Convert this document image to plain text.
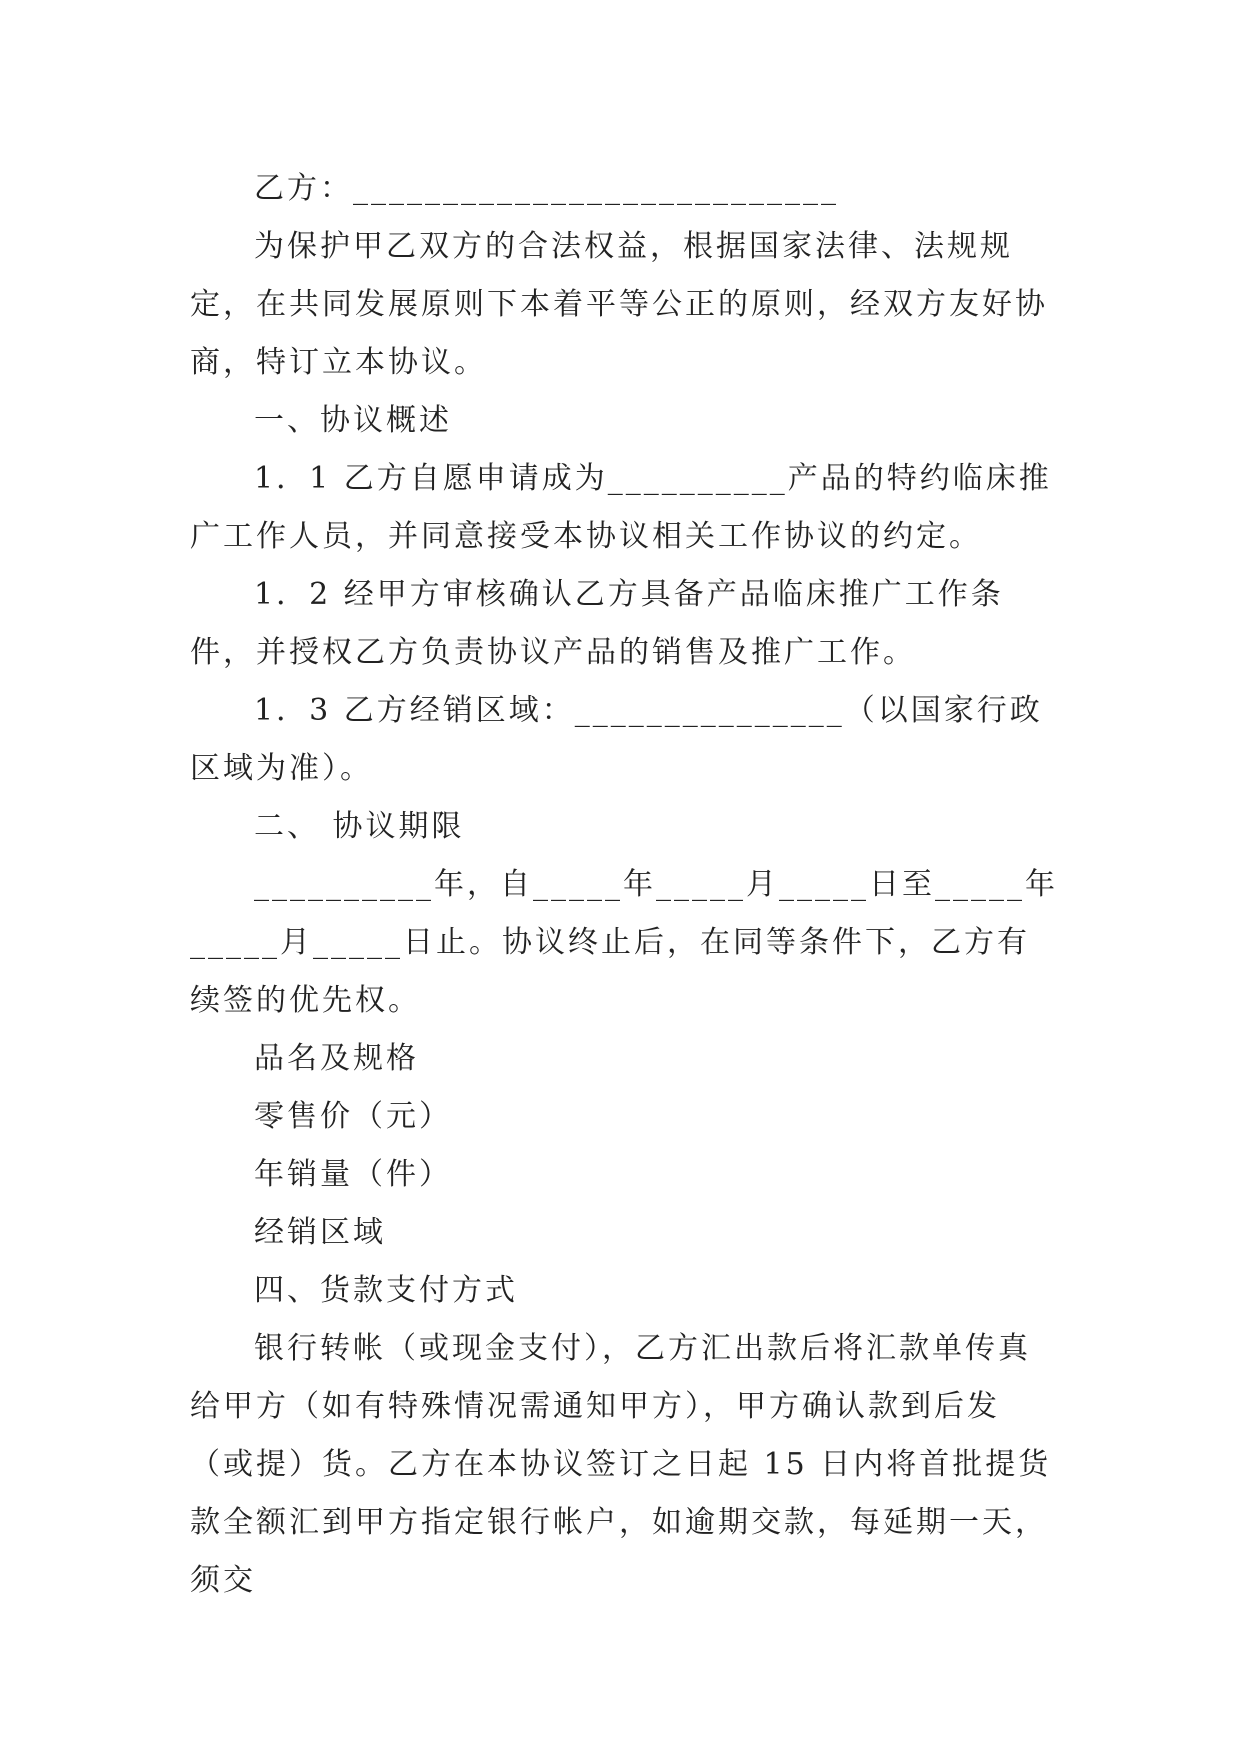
乙方：___________________________

为保护甲乙双方的合法权益，根据国家法律、法规规定，在共同发展原则下本着平等公正的原则，经双方友好协商，特订立本协议。

一、协议概述

1．1 乙方自愿申请成为__________产品的特约临床推广工作人员，并同意接受本协议相关工作协议的约定。

1．2 经甲方审核确认乙方具备产品临床推广工作条件，并授权乙方负责协议产品的销售及推广工作。

1．3 乙方经销区域：_______________（以国家行政区域为准）。

二、 协议期限

__________年，自_____年_____月_____日至_____年_____月_____日止。协议终止后，在同等条件下，乙方有续签的优先权。

品名及规格

零售价（元）

年销量（件）

经销区域

四、货款支付方式

银行转帐（或现金支付），乙方汇出款后将汇款单传真给甲方（如有特殊情况需通知甲方），甲方确认款到后发（或提）货。乙方在本协议签订之日起 15 日内将首批提货款全额汇到甲方指定银行帐户，如逾期交款，每延期一天，须交
